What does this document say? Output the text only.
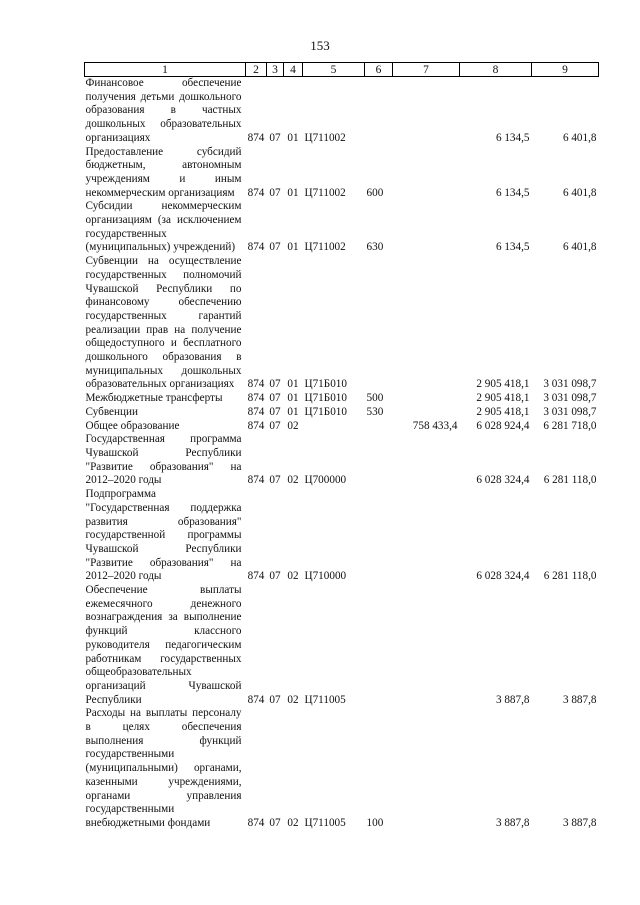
153
1	2	3	4	5	6	7	8	9
Финансовое обеспечение получения детьми дошкольного образования в частных дошкольных образовательных организациях	874	07	01	Ц711002			6 134,5	6 401,8
Предоставление субсидий бюджетным, автономным учреждениям и иным некоммерческим организациям	874	07	01	Ц711002	600		6 134,5	6 401,8
Субсидии некоммерческим организациям (за исключением государственных (муниципальных) учреждений)	874	07	01	Ц711002	630		6 134,5	6 401,8
Субвенции на осуществление государственных полномочий Чувашской Республики по финансовому обеспечению государственных гарантий реализации прав на получение общедоступного и бесплатного дошкольного образования в муниципальных дошкольных образовательных организациях	874	07	01	Ц71Б010			2 905 418,1	3 031 098,7
Межбюджетные трансферты	874	07	01	Ц71Б010	500		2 905 418,1	3 031 098,7
Субвенции	874	07	01	Ц71Б010	530		2 905 418,1	3 031 098,7
Общее образование	874	07	02			758 433,4	6 028 924,4	6 281 718,0
Государственная программа Чувашской Республики "Развитие образования" на 2012–2020 годы	874	07	02	Ц700000			6 028 324,4	6 281 118,0
Подпрограмма "Государственная поддержка развития образования" государственной программы Чувашской Республики "Развитие образования" на 2012–2020 годы	874	07	02	Ц710000			6 028 324,4	6 281 118,0
Обеспечение выплаты ежемесячного денежного вознаграждения за выполнение функций классного руководителя педагогическим работникам государственных общеобразовательных организаций Чувашской Республики	874	07	02	Ц711005			3 887,8	3 887,8
Расходы на выплаты персоналу в целях обеспечения выполнения функций государственными (муниципальными) органами, казенными учреждениями, органами управления государственными внебюджетными фондами	874	07	02	Ц711005	100		3 887,8	3 887,8
